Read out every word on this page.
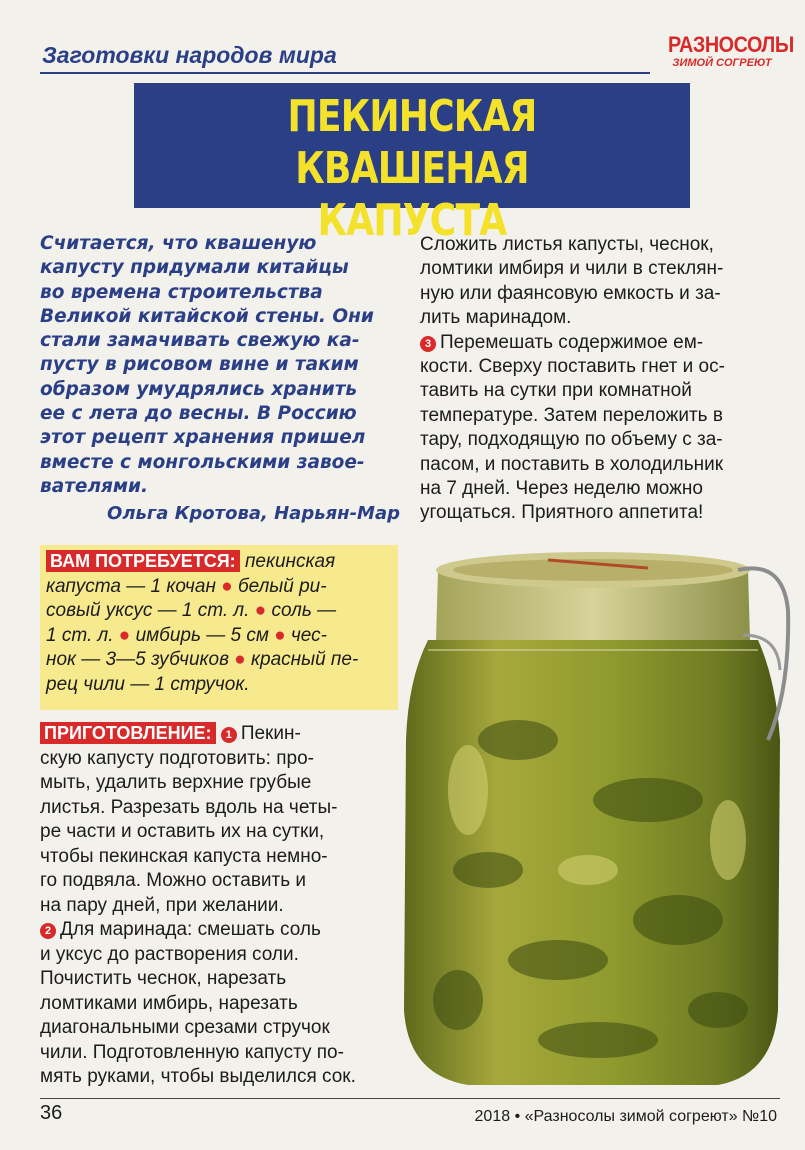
Заготовки народов мира	РАЗНОСОЛЫ
ЗИМОЙ СОГРЕЮТ
ПЕКИНСКАЯ КВАШЕНАЯ
КАПУСТА
Считается, что квашеную
капусту придумали китайцы
во времена строительства
Великой китайской стены. Они
стали замачивать свежую ка-
пусту в рисовом вине и таким
образом умудрялись хранить
ее с лета до весны. В Россию
этот рецепт хранения пришел
вместе с монгольскими завое-
вателями.
Ольга Кротова, Нарьян-Мар
Сложить листья капусты, чеснок,
ломтики имбиря и чили в стеклян-
ную или фаянсовую емкость и за-
лить маринадом.
3 Перемешать содержимое ем-
кости. Сверху поставить гнет и ос-
тавить на сутки при комнатной
температуре. Затем переложить в
тару, подходящую по объему с за-
пасом, и поставить в холодильник
на 7 дней. Через неделю можно
угощаться. Приятного аппетита!
ВАМ ПОТРЕБУЕТСЯ: пекинская
капуста — 1 кочан ● белый ри-
совый уксус — 1 ст. л. ● соль —
1 ст. л. ● имбирь — 5 см ● чес-
нок — 3—5 зубчиков ● красный пе-
рец чили — 1 стручок.
ПРИГОТОВЛЕНИЕ: 1 Пекин-
скую капусту подготовить: про-
мыть, удалить верхние грубые
листья. Разрезать вдоль на четы-
ре части и оставить их на сутки,
чтобы пекинская капуста немно-
го подвяла. Можно оставить и
на пару дней, при желании.
2 Для маринада: смешать соль
и уксус до растворения соли.
Почистить чеснок, нарезать
ломтиками имбирь, нарезать
диагональными срезами стручок
чили. Подготовленную капусту по-
мять руками, чтобы выделился сок.
36	2018 • «Разносолы зимой согреют» №10
